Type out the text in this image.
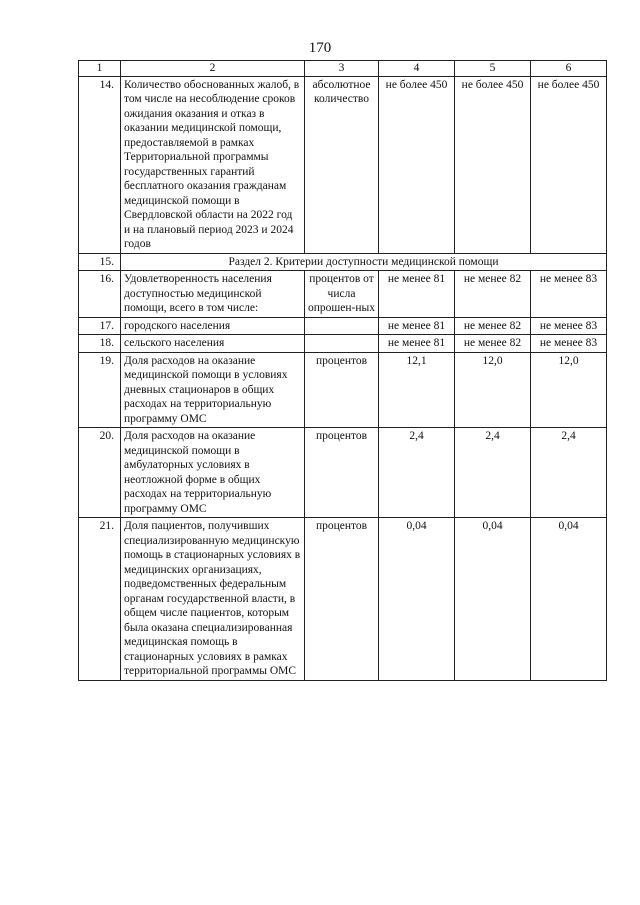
170
1	2	3	4	5	6
14.	Количество обоснованных жалоб, в том числе на несоблюдение сроков ожидания оказания и отказ в оказании медицинской помощи, предоставляемой в рамках Территориальной программы государственных гарантий бесплатного оказания гражданам медицинской помощи в Свердловской области на 2022 год и на плановый период 2023 и 2024 годов	абсолютное количество	не более 450	не более 450	не более 450
15.	Раздел 2. Критерии доступности медицинской помощи				
16.	Удовлетворенность населения доступностью медицинской помощи, всего в том числе:	процентов от числа опрошен-ных	не менее 81	не менее 82	не менее 83
17.	городского населения		не менее 81	не менее 82	не менее 83
18.	сельского населения		не менее 81	не менее 82	не менее 83
19.	Доля расходов на оказание медицинской помощи в условиях дневных стационаров в общих расходах на территориальную программу ОМС	процентов	12,1	12,0	12,0
20.	Доля расходов на оказание медицинской помощи в амбулаторных условиях в неотложной форме в общих расходах на территориальную программу ОМС	процентов	2,4	2,4	2,4
21.	Доля пациентов, получивших специализированную медицинскую помощь в стационарных условиях в медицинских организациях, подведомственных федеральным органам государственной власти, в общем числе пациентов, которым была оказана специализированная медицинская помощь в стационарных условиях в рамках территориальной программы ОМС	процентов	0,04	0,04	0,04
